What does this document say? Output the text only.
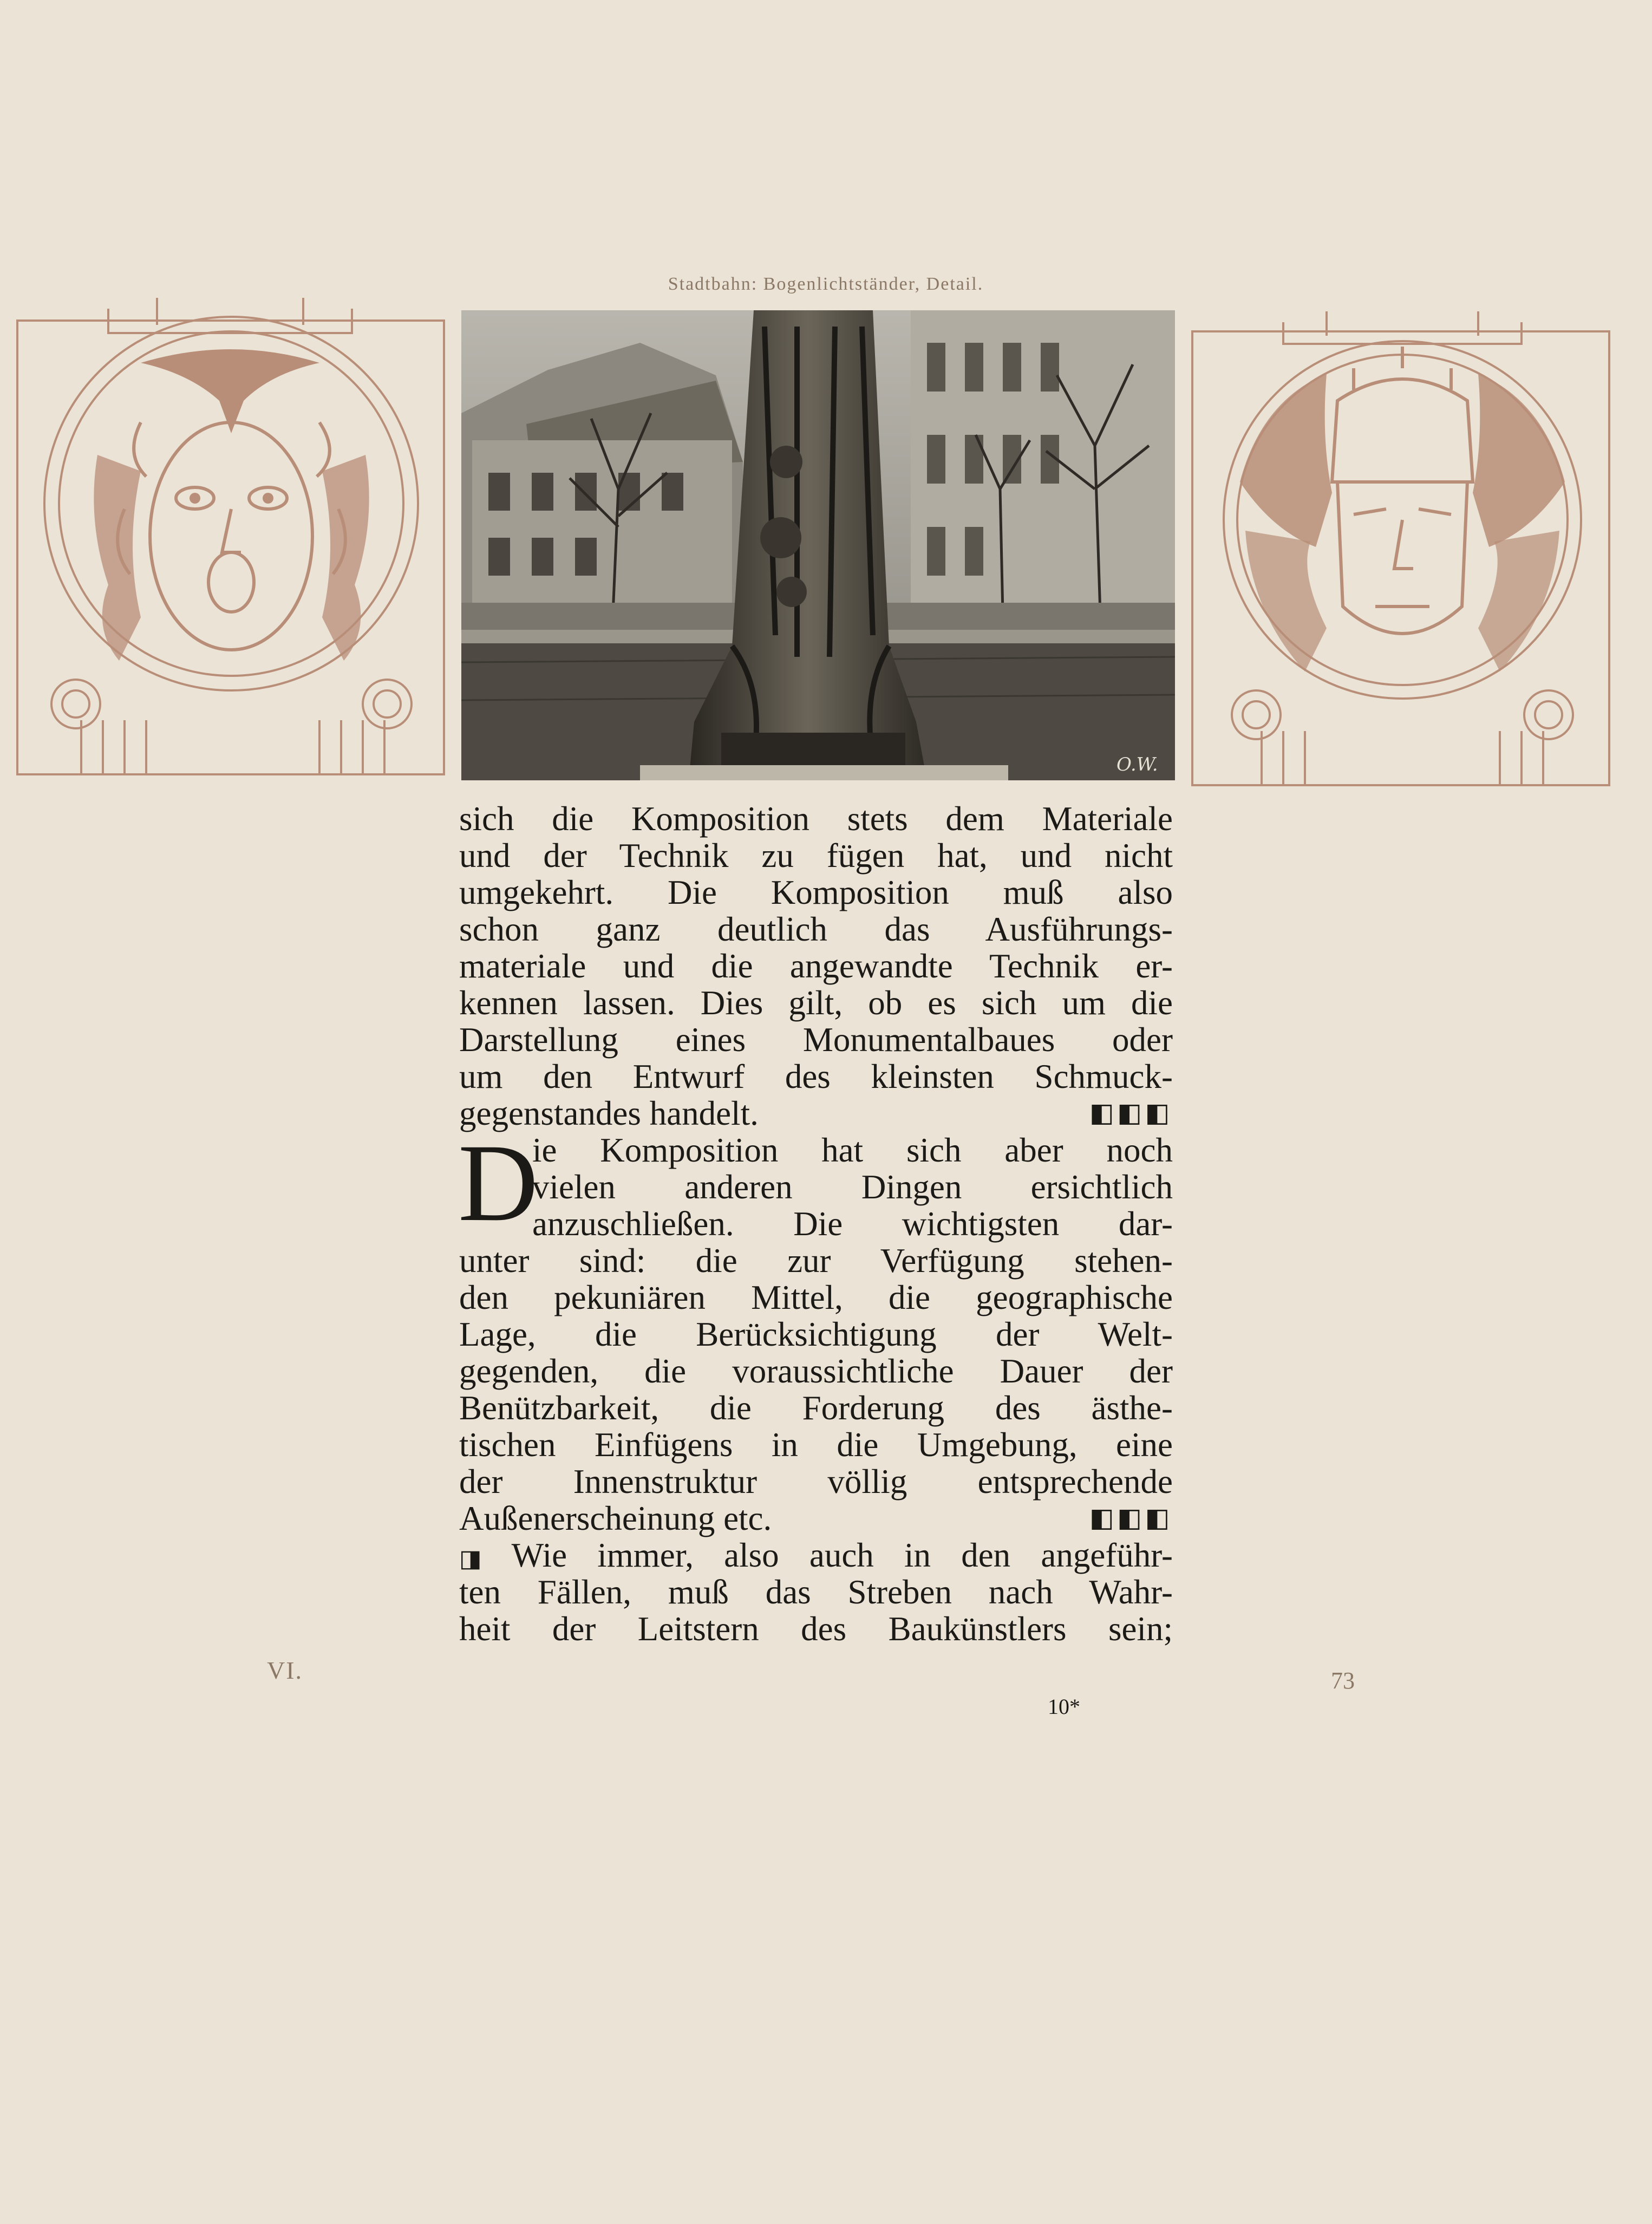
Stadtbahn: Bogenlichtständer, Detail.
O.W.
sich die Komposition stets dem Materiale
und der Technik zu fügen hat, und nicht
umgekehrt. Die Komposition muß also
schon ganz deutlich das Ausführungs-
materiale und die angewandte Technik er-
kennen lassen. Dies gilt, ob es sich um die
Darstellung eines Monumentalbaues oder
um den Entwurf des kleinsten Schmuck-
gegenstandes handelt.	◧◧◧
D
ie Komposition hat sich aber noch
vielen anderen Dingen ersichtlich
anzuschließen. Die wichtigsten dar-
unter sind: die zur Verfügung stehen-
den pekuniären Mittel, die geographische
Lage, die Berücksichtigung der Welt-
gegenden, die voraussichtliche Dauer der
Benützbarkeit, die Forderung des ästhe-
tischen Einfügens in die Umgebung, eine
der Innenstruktur völlig entsprechende
Außenerscheinung etc.	◧◧◧
◨ Wie immer, also auch in den angeführ-
ten Fällen, muß das Streben nach Wahr-
heit der Leitstern des Baukünstlers sein;
VI.	73
10*
